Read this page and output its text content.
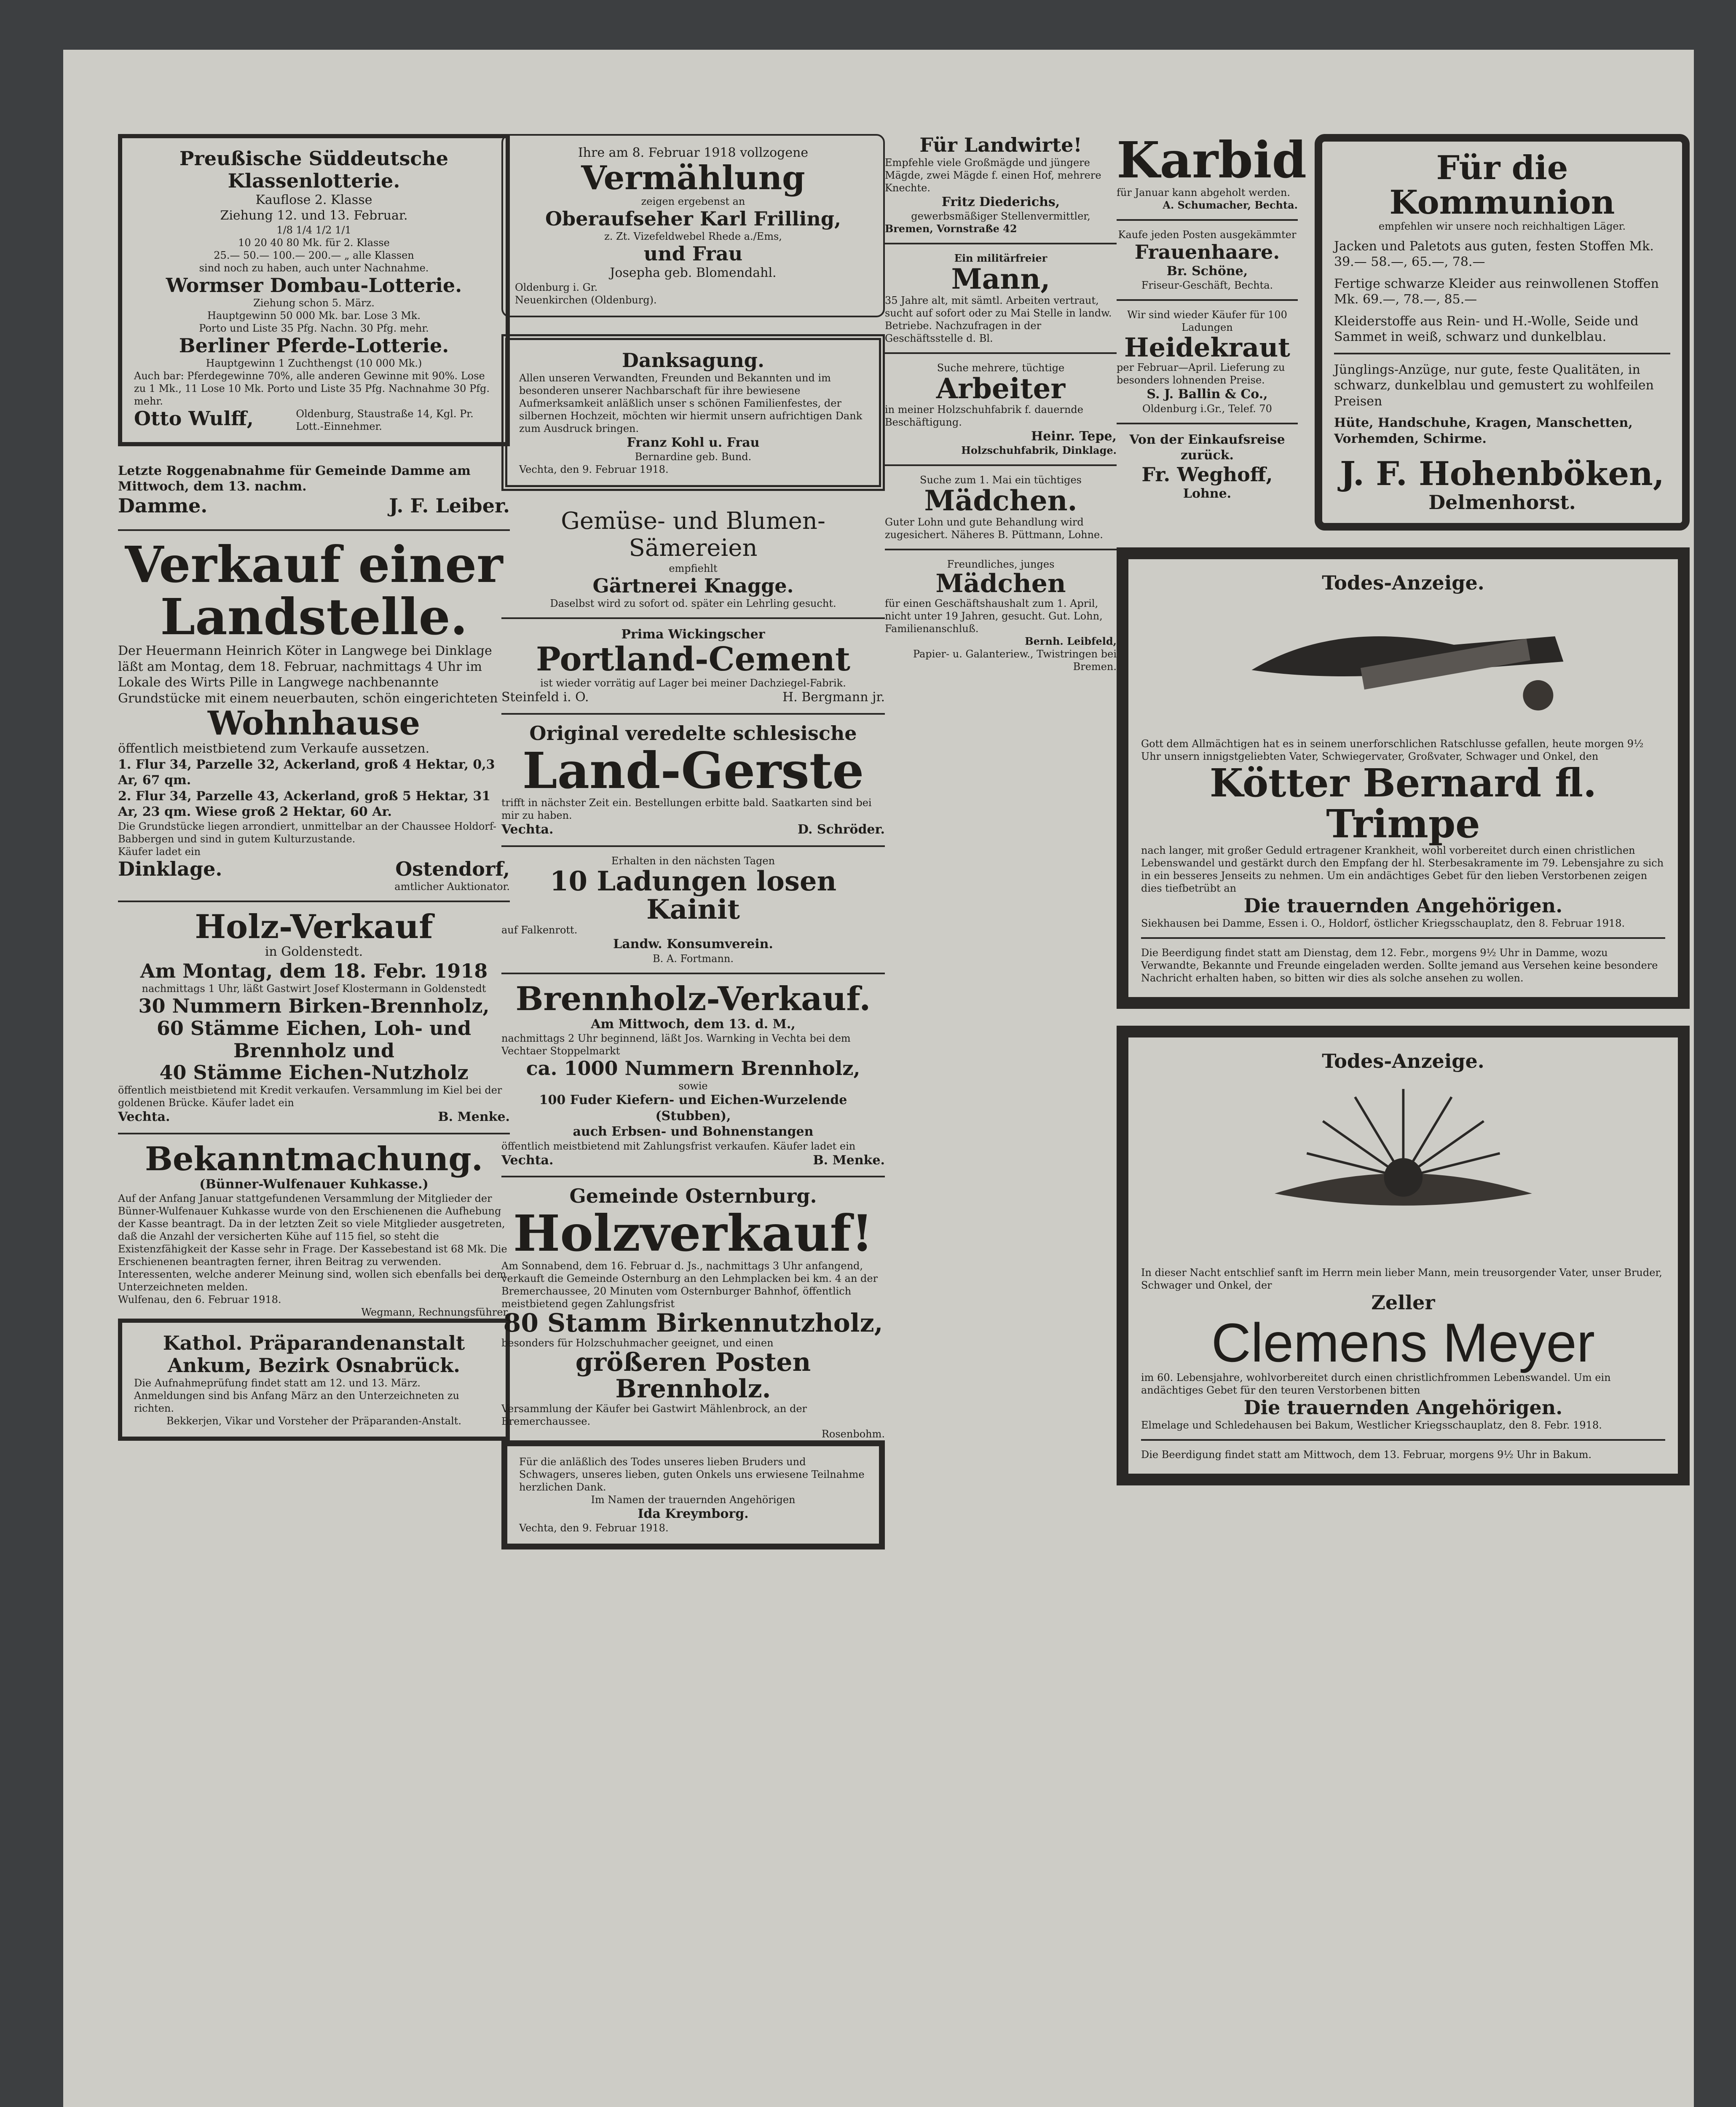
Preußische Süddeutsche Klassenlotterie.
Kauflose 2. Klasse
Ziehung 12. und 13. Februar.
1/8 1/4 1/2 1/1
10 20 40 80 Mk. für 2. Klasse
25.— 50.— 100.— 200.— „ alle Klassen
sind noch zu haben, auch unter Nachnahme.
Wormser Dombau-Lotterie.
Ziehung schon 5. März.
Hauptgewinn 50 000 Mk. bar. Lose 3 Mk.
Porto und Liste 35 Pfg. Nachn. 30 Pfg. mehr.
Berliner Pferde-Lotterie.
Hauptgewinn 1 Zuchthengst (10 000 Mk.)
Auch bar: Pferdegewinne 70%, alle anderen Gewinne mit 90%. Lose zu 1 Mk., 11 Lose 10 Mk. Porto und Liste 35 Pfg. Nachnahme 30 Pfg. mehr.
Otto Wulff,	Oldenburg, Staustraße 14, Kgl. Pr. Lott.-Einnehmer.
Letzte Roggenabnahme für Gemeinde Damme am Mittwoch, dem 13. nachm.
Damme.	J. F. Leiber.
Verkauf einer
Landstelle.
Der Heuermann Heinrich Köter in Langwege bei Dinklage läßt am Montag, dem 18. Februar, nachmittags 4 Uhr im Lokale des Wirts Pille in Langwege nachbenannte Grundstücke mit einem neuerbauten, schön eingerichteten
Wohnhause
öffentlich meistbietend zum Verkaufe aussetzen.
1. Flur 34, Parzelle 32, Ackerland, groß 4 Hektar, 0,3 Ar, 67 qm.
2. Flur 34, Parzelle 43, Ackerland, groß 5 Hektar, 31 Ar, 23 qm. Wiese groß 2 Hektar, 60 Ar.
Die Grundstücke liegen arrondiert, unmittelbar an der Chaussee Holdorf-Babbergen und sind in gutem Kulturzustande.
Käufer ladet ein
Dinklage.	Ostendorf,
amtlicher Auktionator.
Holz-Verkauf
in Goldenstedt.
Am Montag, dem 18. Febr. 1918
nachmittags 1 Uhr, läßt Gastwirt Josef Klostermann in Goldenstedt
30 Nummern Birken-Brennholz,
60 Stämme Eichen, Loh- und Brennholz und
40 Stämme Eichen-Nutzholz
öffentlich meistbietend mit Kredit verkaufen. Versammlung im Kiel bei der goldenen Brücke. Käufer ladet ein
Vechta.	B. Menke.
Bekanntmachung.
(Bünner-Wulfenauer Kuhkasse.)
Auf der Anfang Januar stattgefundenen Versammlung der Mitglieder der Bünner-Wulfenauer Kuhkasse wurde von den Erschienenen die Aufhebung der Kasse beantragt. Da in der letzten Zeit so viele Mitglieder ausgetreten, daß die Anzahl der versicherten Kühe auf 115 fiel, so steht die Existenzfähigkeit der Kasse sehr in Frage. Der Kassebestand ist 68 Mk. Die Erschienenen beantragten ferner, ihren Beitrag zu verwenden. Interessenten, welche anderer Meinung sind, wollen sich ebenfalls bei dem Unterzeichneten melden.
Wulfenau, den 6. Februar 1918.
Wegmann, Rechnungsführer.
Kathol. Präparandenanstalt Ankum, Bezirk Osnabrück.
Die Aufnahmeprüfung findet statt am 12. und 13. März. Anmeldungen sind bis Anfang März an den Unterzeichneten zu richten.
Bekkerjen, Vikar und Vorsteher der Präparanden-Anstalt.
Ihre am 8. Februar 1918 vollzogene
Vermählung
zeigen ergebenst an
Oberaufseher Karl Frilling,
z. Zt. Vizefeldwebel Rhede a./Ems,
und Frau
Josepha geb. Blomendahl.
Oldenburg i. Gr.
Neuenkirchen (Oldenburg).
Danksagung.
Allen unseren Verwandten, Freunden und Bekannten und im besonderen unserer Nachbarschaft für ihre bewiesene Aufmerksamkeit anläßlich unser s schönen Familienfestes, der silbernen Hochzeit, möchten wir hiermit unsern aufrichtigen Dank zum Ausdruck bringen.
Franz Kohl u. Frau
Bernardine geb. Bund.
Vechta, den 9. Februar 1918.
Gemüse- und Blumen-Sämereien
empfiehlt
Gärtnerei Knagge.
Daselbst wird zu sofort od. später ein Lehrling gesucht.
Prima Wickingscher
Portland-Cement
ist wieder vorrätig auf Lager bei meiner Dachziegel-Fabrik.
Steinfeld i. O.	H. Bergmann jr.
Original veredelte schlesische
Land-Gerste
trifft in nächster Zeit ein. Bestellungen erbitte bald. Saatkarten sind bei mir zu haben.
Vechta.	D. Schröder.
Erhalten in den nächsten Tagen
10 Ladungen losen Kainit
auf Falkenrott.
Landw. Konsumverein.
B. A. Fortmann.
Brennholz-Verkauf.
Am Mittwoch, dem 13. d. M.,
nachmittags 2 Uhr beginnend, läßt Jos. Warnking in Vechta bei dem Vechtaer Stoppelmarkt
ca. 1000 Nummern Brennholz,
sowie
100 Fuder Kiefern- und Eichen-Wurzelende (Stubben),
auch Erbsen- und Bohnenstangen
öffentlich meistbietend mit Zahlungsfrist verkaufen. Käufer ladet ein
Vechta.	B. Menke.
Gemeinde Osternburg.
Holzverkauf!
Am Sonnabend, dem 16. Februar d. Js., nachmittags 3 Uhr anfangend, verkauft die Gemeinde Osternburg an den Lehmplacken bei km. 4 an der Bremerchaussee, 20 Minuten vom Osternburger Bahnhof, öffentlich meistbietend gegen Zahlungsfrist
80 Stamm Birkennutzholz,
besonders für Holzschuhmacher geeignet, und einen
größeren Posten Brennholz.
Versammlung der Käufer bei Gastwirt Mählenbrock, an der Bremerchaussee.
Rosenbohm.
Für die anläßlich des Todes unseres lieben Bruders und Schwagers, unseres lieben, guten Onkels uns erwiesene Teilnahme herzlichen Dank.
Im Namen der trauernden Angehörigen
Ida Kreymborg.
Vechta, den 9. Februar 1918.
Für Landwirte!
Empfehle viele Großmägde und jüngere Mägde, zwei Mägde f. einen Hof, mehrere Knechte.
Fritz Diederichs,
gewerbsmäßiger Stellenvermittler,
Bremen, Vornstraße 42
Ein militärfreier
Mann,
35 Jahre alt, mit sämtl. Arbeiten vertraut, sucht auf sofort oder zu Mai Stelle in landw. Betriebe. Nachzufragen in der Geschäftsstelle d. Bl.
Suche mehrere, tüchtige
Arbeiter
in meiner Holzschuhfabrik f. dauernde Beschäftigung.
Heinr. Tepe,
Holzschuhfabrik, Dinklage.
Suche zum 1. Mai ein tüchtiges
Mädchen.
Guter Lohn und gute Behandlung wird zugesichert. Näheres B. Püttmann, Lohne.
Freundliches, junges
Mädchen
für einen Geschäftshaushalt zum 1. April, nicht unter 19 Jahren, gesucht. Gut. Lohn, Familienanschluß.
Bernh. Leibfeld,
Papier- u. Galanteriew., Twistringen bei Bremen.
Karbid
für Januar kann abgeholt werden.
A. Schumacher, Bechta.
Kaufe jeden Posten ausgekämmter
Frauenhaare.
Br. Schöne,
Friseur-Geschäft, Bechta.
Wir sind wieder Käufer für 100 Ladungen
Heidekraut
per Februar—April. Lieferung zu besonders lohnenden Preise.
S. J. Ballin & Co.,
Oldenburg i.Gr., Telef. 70
Von der Einkaufsreise zurück.
Fr. Weghoff,
Lohne.
Für die Kommunion
empfehlen wir unsere noch reichhaltigen Läger.
Jacken und Paletots aus guten, festen Stoffen Mk. 39.— 58.—, 65.—, 78.—
Fertige schwarze Kleider aus reinwollenen Stoffen Mk. 69.—, 78.—, 85.—
Kleiderstoffe aus Rein- und H.-Wolle, Seide und Sammet in weiß, schwarz und dunkelblau.
Jünglings-Anzüge, nur gute, feste Qualitäten, in schwarz, dunkelblau und gemustert zu wohlfeilen Preisen
Hüte, Handschuhe, Kragen, Manschetten, Vorhemden, Schirme.
J. F. Hohenböken,
Delmenhorst.
Todes-Anzeige.
Gott dem Allmächtigen hat es in seinem unerforschlichen Ratschlusse gefallen, heute morgen 9½ Uhr unsern innigstgeliebten Vater, Schwiegervater, Großvater, Schwager und Onkel, den
Kötter Bernard fl. Trimpe
nach langer, mit großer Geduld ertragener Krankheit, wohl vorbereitet durch einen christlichen Lebenswandel und gestärkt durch den Empfang der hl. Sterbesakramente im 79. Lebensjahre zu sich in ein besseres Jenseits zu nehmen. Um ein andächtiges Gebet für den lieben Verstorbenen zeigen dies tiefbetrübt an
Die trauernden Angehörigen.
Siekhausen bei Damme, Essen i. O., Holdorf, östlicher Kriegsschauplatz, den 8. Februar 1918.
Die Beerdigung findet statt am Dienstag, dem 12. Febr., morgens 9½ Uhr in Damme, wozu Verwandte, Bekannte und Freunde eingeladen werden. Sollte jemand aus Versehen keine besondere Nachricht erhalten haben, so bitten wir dies als solche ansehen zu wollen.
Todes-Anzeige.
In dieser Nacht entschlief sanft im Herrn mein lieber Mann, mein treusorgender Vater, unser Bruder, Schwager und Onkel, der
Zeller
Clemens Meyer
im 60. Lebensjahre, wohlvorbereitet durch einen christlichfrommen Lebenswandel. Um ein andächtiges Gebet für den teuren Verstorbenen bitten
Die trauernden Angehörigen.
Elmelage und Schledehausen bei Bakum, Westlicher Kriegsschauplatz, den 8. Febr. 1918.
Die Beerdigung findet statt am Mittwoch, dem 13. Februar, morgens 9½ Uhr in Bakum.
